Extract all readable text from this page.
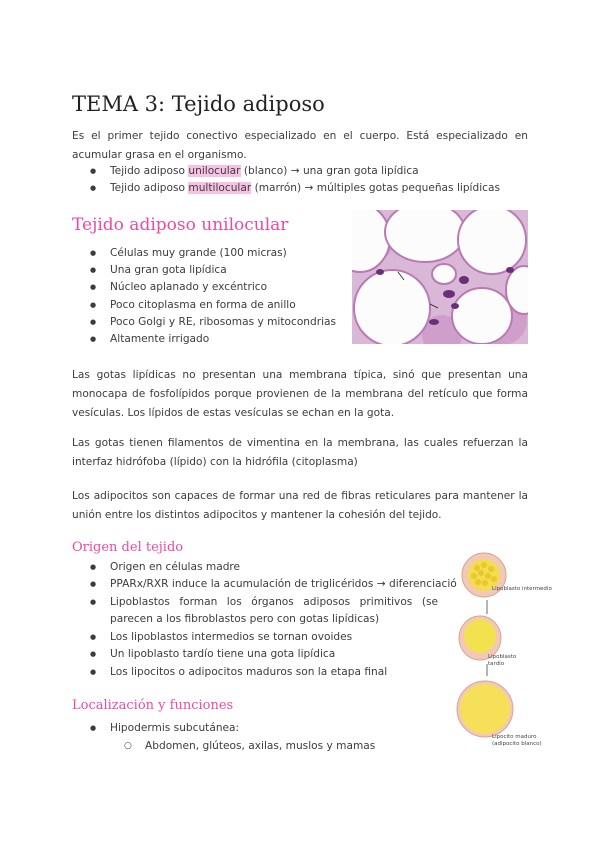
TEMA 3: Tejido adiposo
Es el primer tejido conectivo especializado en el cuerpo. Está especializado en acumular grasa en el organismo.
● Tejido adiposo unilocular (blanco) → una gran gota lipídica
● Tejido adiposo multilocular (marrón) → múltiples gotas pequeñas lipídicas
Tejido adiposo unilocular
● Células muy grande (100 micras)
● Una gran gota lipídica
● Núcleo aplanado y excéntrico
● Poco citoplasma en forma de anillo
● Poco Golgi y RE, ribosomas y mitocondrias
● Altamente irrigado
Las gotas lipídicas no presentan una membrana típica, sinó que presentan una monocapa de fosfolípidos porque provienen de la membrana del retículo que forma vesículas. Los lípidos de estas vesículas se echan en la gota.
Las gotas tienen filamentos de vimentina en la membrana, las cuales refuerzan la interfaz hidrófoba (lípido) con la hidrófila (citoplasma)
Los adipocitos son capaces de formar una red de fibras reticulares para mantener la unión entre los distintos adipocitos y mantener la cohesión del tejido.
Origen del tejido
● Origen en células madre
● PPARx/RXR induce la acumulación de triglicéridos → diferenciació
● Lipoblastos forman los órganos adiposos primitivos (se parecen a los fibroblastos pero con gotas lipídicas)
● Los lipoblastos intermedios se tornan ovoides
● Un lipoblasto tardío tiene una gota lipídica
● Los lipocitos o adipocitos maduros son la etapa final
Lipoblasto intermedio
Lipoblasto tardío
Lipocito maduro (adipocito blanco)
Localización y funciones
● Hipodermis subcutánea:
○ Abdomen, glúteos, axilas, muslos y mamas
